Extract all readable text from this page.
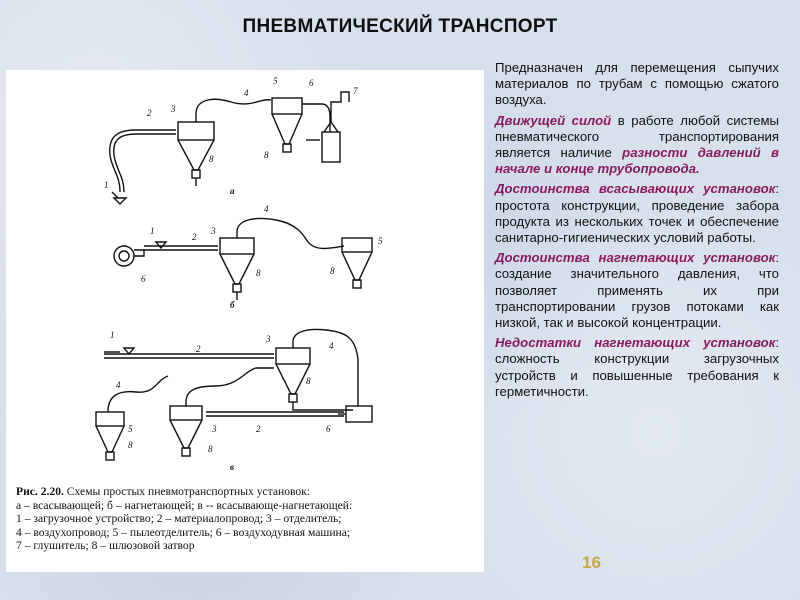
ПНЕВМАТИЧЕСКИЙ ТРАНСПОРТ
1
2 3
4
5	6
7
8	8
а
1
2
3
4
5
6
8	8
б
1
2
3
4
8
4
3	2
5
8	8
6
в
Рис. 2.20. Схемы простых пневмотранспортных установок:
а – всасывающей; б – нагнетающей; в -- всасывающе-нагнетающей:
1 – загрузочное устройство; 2 – материалопровод; 3 – отделитель;
4 – воздухопровод; 5 – пылеотделитель; 6 – воздуходувная машина;
7 – глушитель; 8 – шлюзовой затвор

Предназначен для перемещения сыпучих материалов по трубам с помощью сжатого воздуха.

Движущей силой в работе любой системы пневматического транспортирования является наличие разности давлений в начале и конце трубопровода.

Достоинства всасывающих установок: простота конструкции, проведение забора продукта из нескольких точек и обеспечение санитарно-гигиенических условий работы.

Достоинства нагнетающих установок: создание значительного давления, что позволяет применять их при транспортировании грузов потоками как низкой, так и высокой концентрации.

Недостатки нагнетающих установок: сложность конструкции загрузочных устройств и повышенные требования к герметичности.

16
